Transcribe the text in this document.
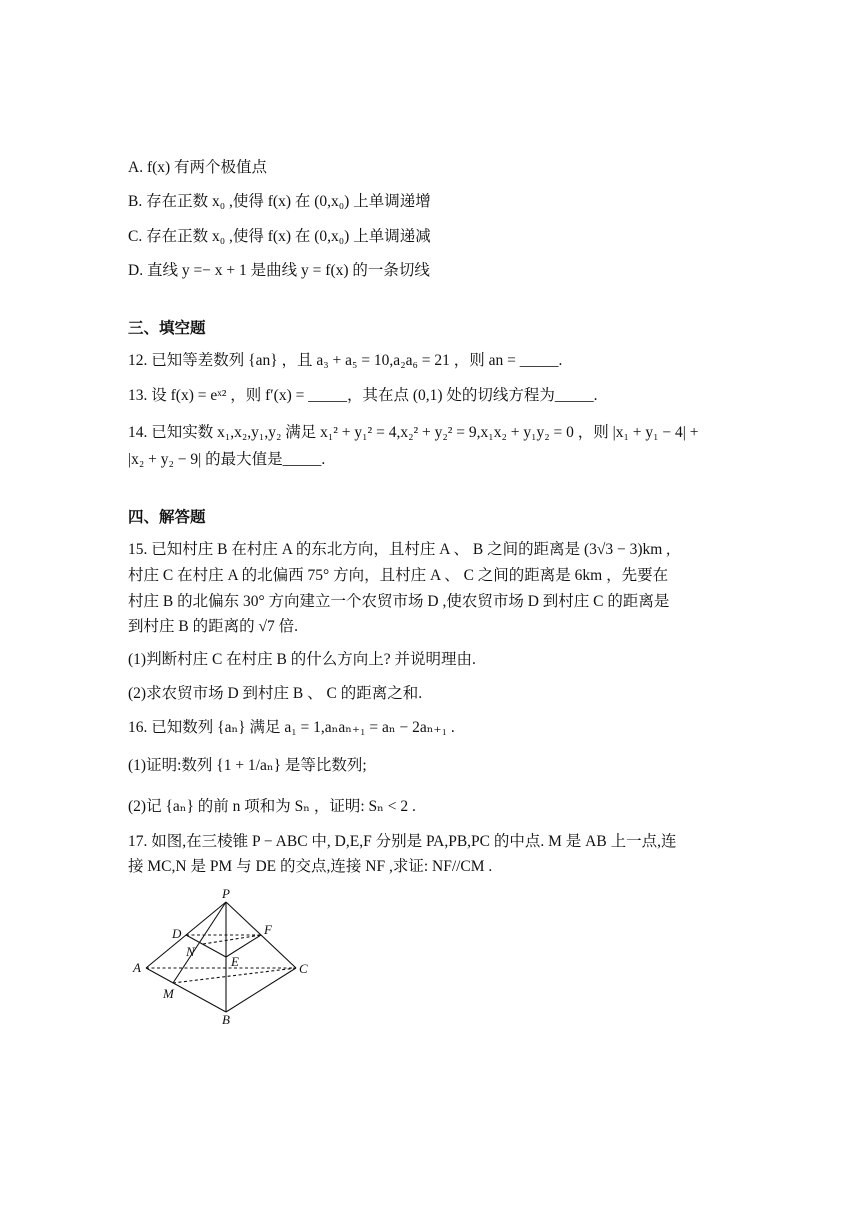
A. f(x) 有两个极值点
B. 存在正数 x₀ ,使得 f(x) 在 (0,x₀) 上单调递增
C. 存在正数 x₀ ,使得 f(x) 在 (0,x₀) 上单调递减
D. 直线 y =− x + 1 是曲线 y = f(x) 的一条切线
三、填空题
12. 已知等差数列 {an} ，且 a₃ + a₅ = 10,a₂a₆ = 21 ，则 an = _____.
13. 设 f(x) = eˣ² ，则 f′(x) = _____，其在点 (0,1) 处的切线方程为_____.
14. 已知实数 x₁,x₂,y₁,y₂ 满足 x₁² + y₁² = 4,x₂² + y₂² = 9,x₁x₂ + y₁y₂ = 0 ，则 |x₁ + y₁ − 4| +
|x₂ + y₂ − 9| 的最大值是_____.
四、解答题
15. 已知村庄 B 在村庄 A 的东北方向，且村庄 A 、 B 之间的距离是 (3√3 − 3)km ,
村庄 C 在村庄 A 的北偏西 75° 方向，且村庄 A 、 C 之间的距离是 6km ，先要在
村庄 B 的北偏东 30° 方向建立一个农贸市场 D ,使农贸市场 D 到村庄 C 的距离是
到村庄 B 的距离的 √7 倍.
(1)判断村庄 C 在村庄 B 的什么方向上? 并说明理由.
(2)求农贸市场 D 到村庄 B 、 C 的距离之和.
16. 已知数列 {aₙ} 满足 a₁ = 1,aₙaₙ₊₁ = aₙ − 2aₙ₊₁ .
(1)证明:数列 {1 + 1/aₙ} 是等比数列;
(2)记 {aₙ} 的前 n 项和为 Sₙ ，证明: Sₙ < 2 .
17. 如图,在三棱锥 P − ABC 中, D,E,F 分别是 PA,PB,PC 的中点. M 是 AB 上一点,连
接 MC,N 是 PM 与 DE 的交点,连接 NF ,求证: NF//CM .
P
D	F
N
E
A	C
M
B
